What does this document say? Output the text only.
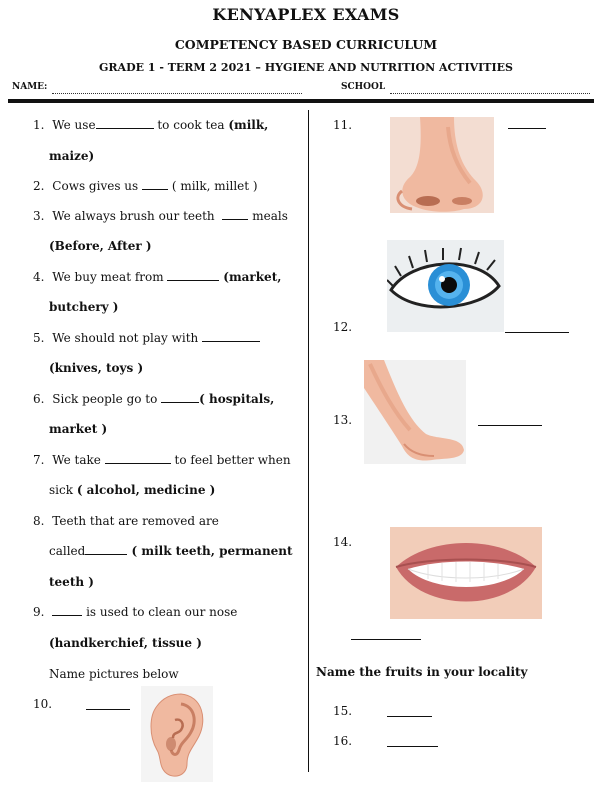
KENYAPLEX EXAMS
COMPETENCY BASED CURRICULUM
GRADE 1 - TERM 2 2021 – HYGIENE AND NUTRITION ACTIVITIES
NAME:	SCHOOL
1. We use	to cook tea (milk,
maize)
2. Cows gives us  ( milk, millet )
3. We always brush our teeth	meals
(Before, After )
4. We buy meat from	(market,
butchery )
5. We should not play with
(knives, toys )
6. Sick people go to	( hospitals,
market )
7. We take	to feel better when
sick ( alcohol, medicine )
8. Teeth that are removed are
called	( milk teeth, permanent
teeth )
9.	is used to clean our nose
(handkerchief, tissue )
Name pictures below
10.
11.
12.
13.
14.
Name the fruits in your locality
15.
16.
